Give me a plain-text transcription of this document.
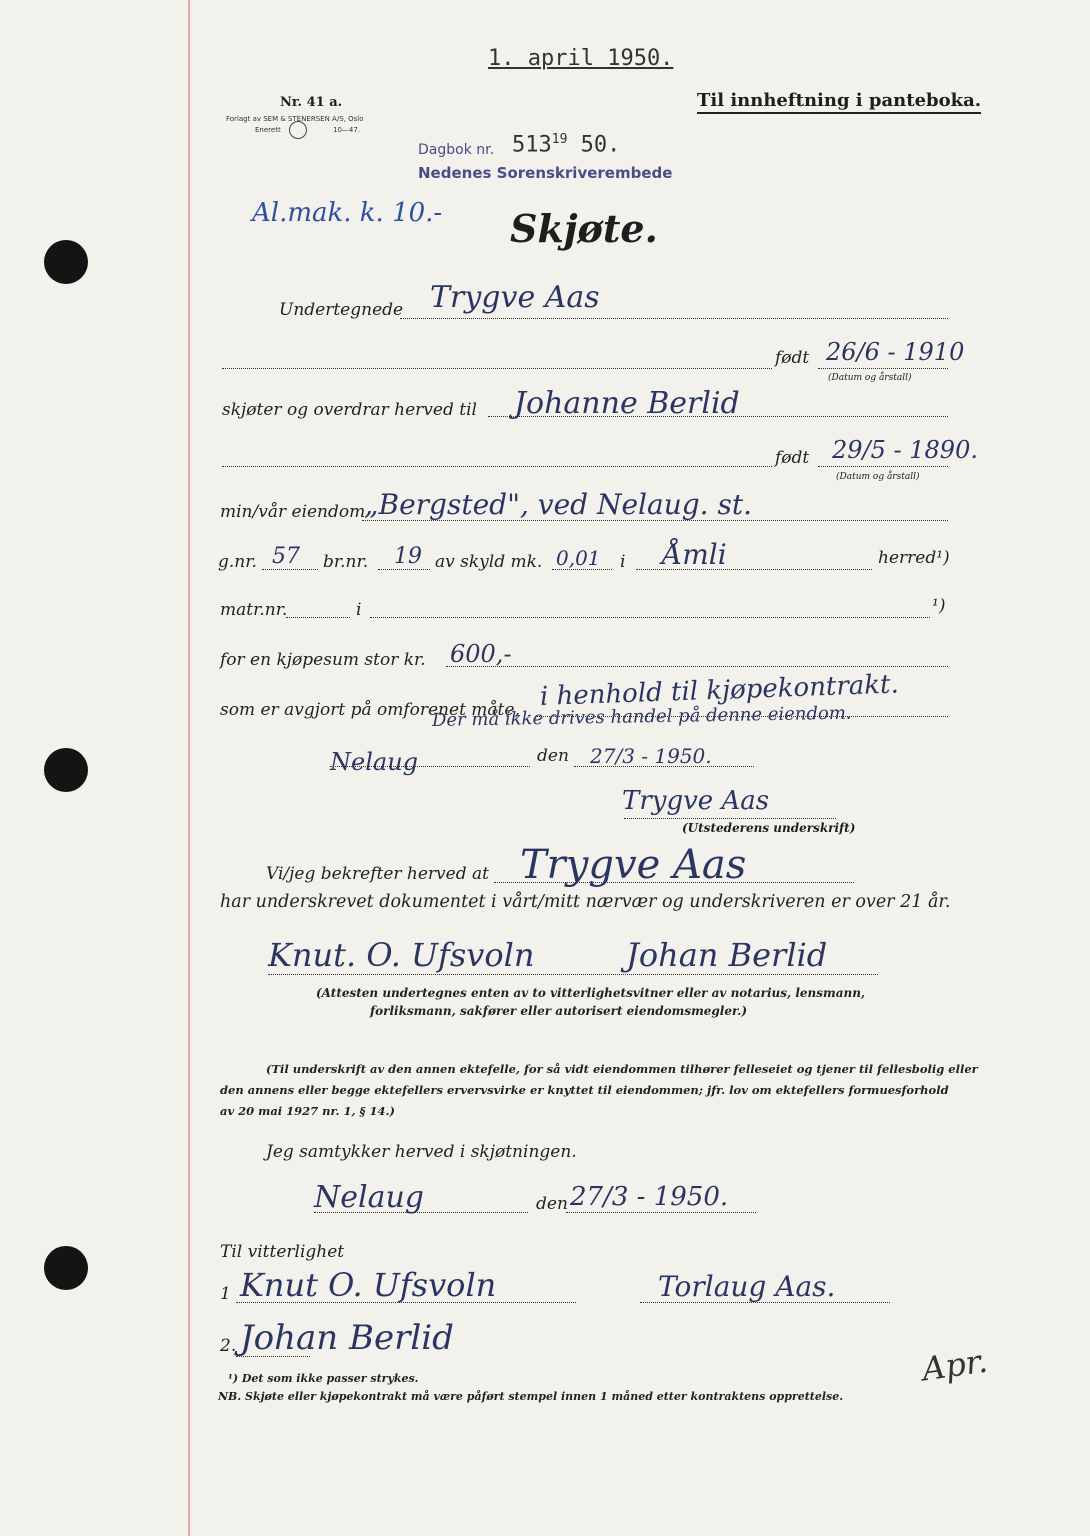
1. april 1950.
Nr. 41 a.
Forlagt av SEM & STENERSEN A/S, Oslo
Enerett	10—47.
Til innheftning i panteboka.
Dagbok nr. $513^{19}$ 50.
Nedenes Sorenskriverembede
Al.mak. k. 10.- Skjøte.
Undertegnede Trygve Aas
født 26/6 - 1910
(Datum og årstall)
skjøter og overdrar herved til Johanne Berlid
født 29/5 - 1890.
(Datum og årstall)
min/vår eiendom
„Bergsted", ved Nelaug. st.
g.nr. 57 br.nr. 19 av skyld mk. 0,01 i Åmli	herred¹)
matr.nr.	i	¹)
for en kjøpesum stor kr. 600,-
som er avgjort på omforenet måte, i henhold til kjøpekontrakt.
Der må ikke drives handel på denne eiendom.
Nelaug	den 27/3 - 1950.
Trygve Aas
(Utstederens underskrift)
Vi/jeg bekrefter herved at Trygve Aas
har underskrevet dokumentet i vårt/mitt nærvær og underskriveren er over 21 år.
Knut. O. Ufsvoln	Johan Berlid
(Attesten undertegnes enten av to vitterlighetsvitner eller av notarius, lensmann,
forliksmann, sakfører eller autorisert eiendomsmegler.)
(Til underskrift av den annen ektefelle, for så vidt eiendommen tilhører felleseiet og tjener til fellesbolig eller
den annens eller begge ektefellers ervervsvirke er knyttet til eiendommen; jfr. lov om ektefellers formuesforhold
av 20 mai 1927 nr. 1, § 14.)
Jeg samtykker herved i skjøtningen.
Nelaug	den 27/3 - 1950.
Til vitterlighet
1 Knut O. Ufsvoln	Torlaug Aas.
2. Johan Berlid
¹) Det som ikke passer strykes.
NB. Skjøte eller kjøpekontrakt må være påført stempel innen 1 måned etter kontraktens opprettelse.
Apr.
